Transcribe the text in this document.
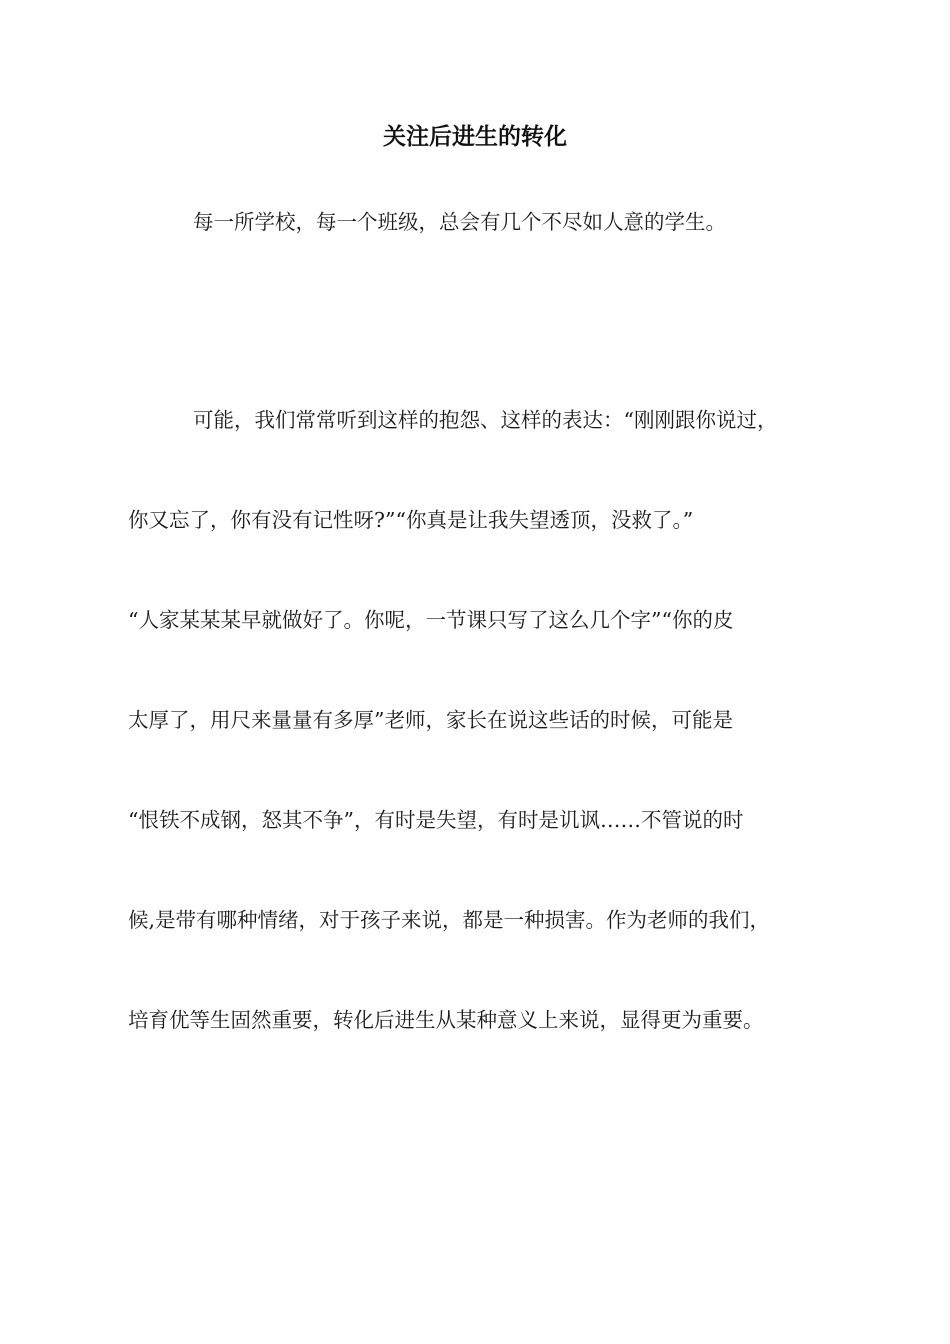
关注后进生的转化
每一所学校，每一个班级，总会有几个不尽如人意的学生。
可能，我们常常听到这样的抱怨、这样的表达：“刚刚跟你说过，
你又忘了，你有没有记性呀?”“你真是让我失望透顶，没救了。”
“人家某某某早就做好了。你呢，一节课只写了这么几个字”“你的皮
太厚了，用尺来量量有多厚”老师，家长在说这些话的时候，可能是
“恨铁不成钢，怒其不争”，有时是失望，有时是讥讽……不管说的时
候,是带有哪种情绪，对于孩子来说，都是一种损害。作为老师的我们，
培育优等生固然重要，转化后进生从某种意义上来说，显得更为重要。
